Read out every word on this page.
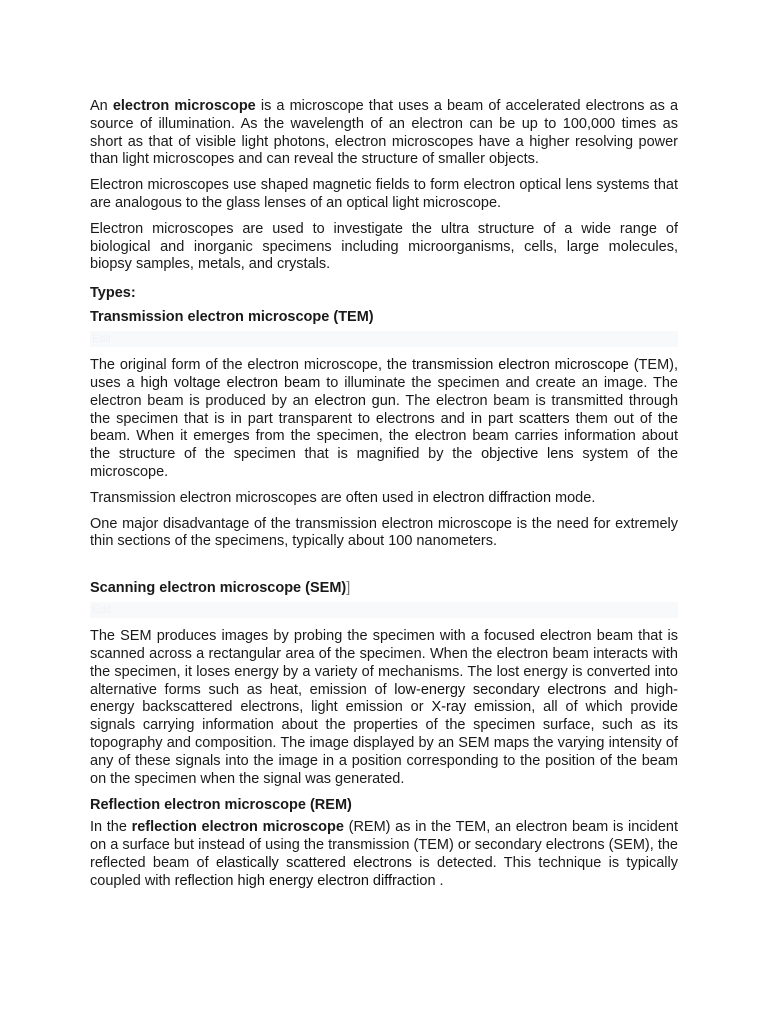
An electron microscope is a microscope that uses a beam of accelerated electrons as a source of illumination. As the wavelength of an electron can be up to 100,000 times as short as that of visible light photons, electron microscopes have a higher resolving power than light microscopes and can reveal the structure of smaller objects.

Electron microscopes use shaped magnetic fields to form electron optical lens systems that are analogous to the glass lenses of an optical light microscope.

Electron microscopes are used to investigate the ultra structure of a wide range of biological and inorganic specimens including microorganisms, cells, large molecules, biopsy samples, metals, and crystals.

Types:
Transmission electron microscope (TEM)
Edit

The original form of the electron microscope, the transmission electron microscope (TEM), uses a high voltage electron beam to illuminate the specimen and create an image. The electron beam is produced by an electron gun. The electron beam is transmitted through the specimen that is in part transparent to electrons and in part scatters them out of the beam. When it emerges from the specimen, the electron beam carries information about the structure of the specimen that is magnified by the objective lens system of the microscope.

Transmission electron microscopes are often used in electron diffraction mode.

One major disadvantage of the transmission electron microscope is the need for extremely thin sections of the specimens, typically about 100 nanometers.

Scanning electron microscope (SEM)]
Edit

The SEM produces images by probing the specimen with a focused electron beam that is scanned across a rectangular area of the specimen. When the electron beam interacts with the specimen, it loses energy by a variety of mechanisms. The lost energy is converted into alternative forms such as heat, emission of low-energy secondary electrons and high-energy backscattered electrons, light emission or X-ray emission, all of which provide signals carrying information about the properties of the specimen surface, such as its topography and composition. The image displayed by an SEM maps the varying intensity of any of these signals into the image in a position corresponding to the position of the beam on the specimen when the signal was generated.

Reflection electron microscope (REM)

In the reflection electron microscope (REM) as in the TEM, an electron beam is incident on a surface but instead of using the transmission (TEM) or secondary electrons (SEM), the reflected beam of elastically scattered electrons is detected. This technique is typically coupled with reflection high energy electron diffraction .
